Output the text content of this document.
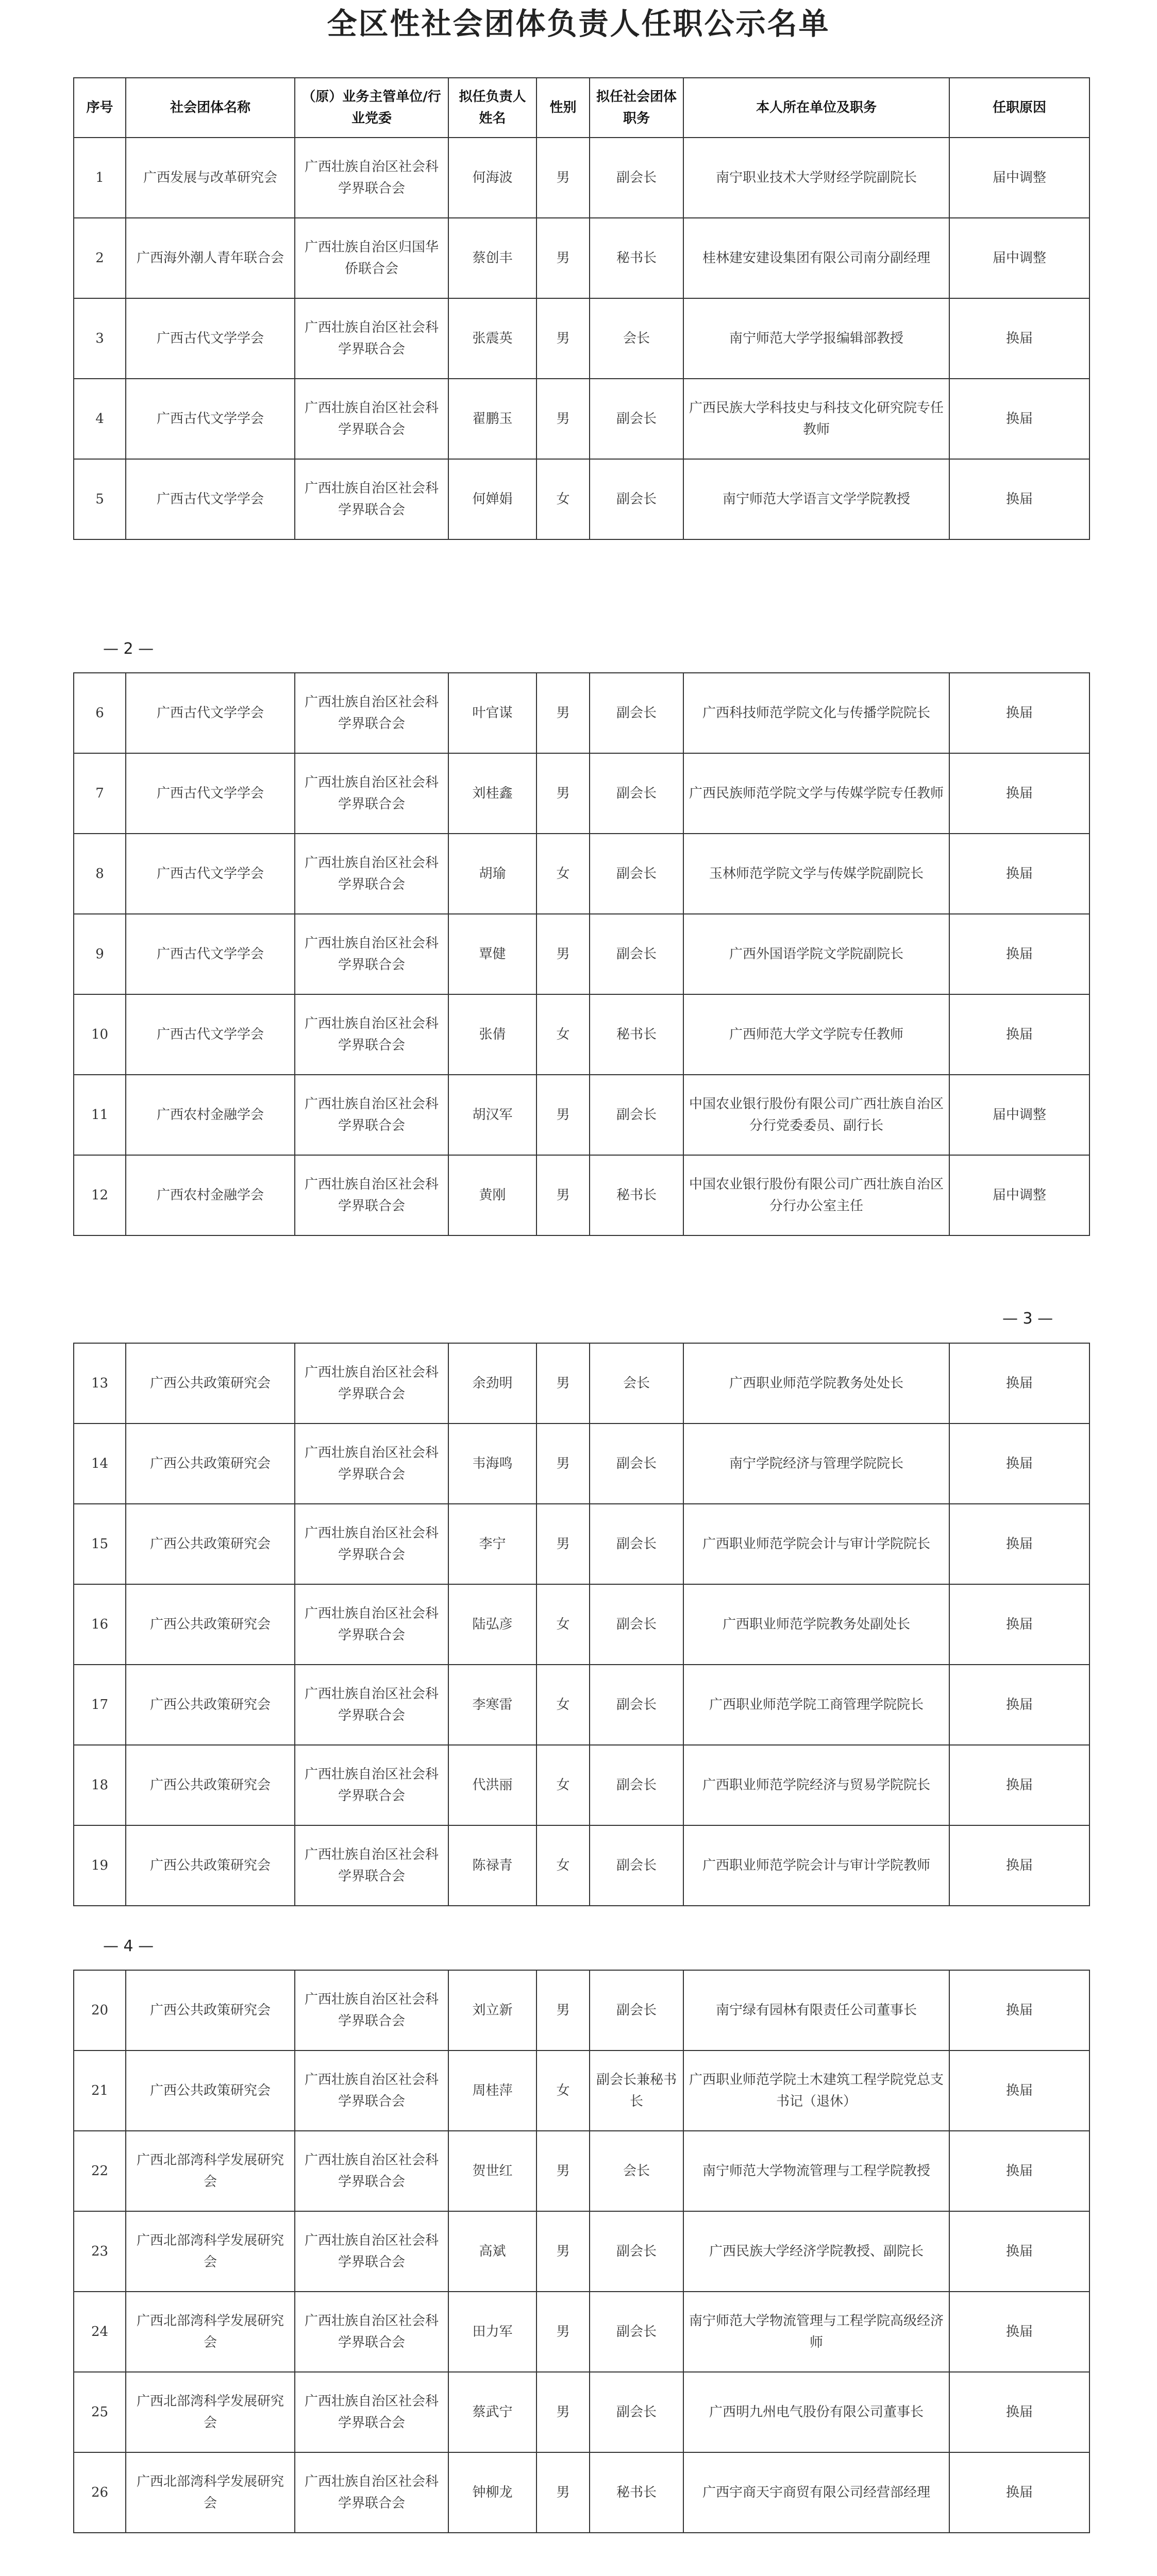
全区性社会团体负责人任职公示名单
序号	社会团体名称	（原）业务主管单位/行业党委	拟任负责人姓名	性别	拟任社会团体职务	本人所在单位及职务	任职原因
1	广西发展与改革研究会	广西壮族自治区社会科学界联合会	何海波	男	副会长	南宁职业技术大学财经学院副院长	届中调整
2	广西海外潮人青年联合会	广西壮族自治区归国华侨联合会	蔡创丰	男	秘书长	桂林建安建设集团有限公司南分副经理	届中调整
3	广西古代文学学会	广西壮族自治区社会科学界联合会	张震英	男	会长	南宁师范大学学报编辑部教授	换届
4	广西古代文学学会	广西壮族自治区社会科学界联合会	翟鹏玉	男	副会长	广西民族大学科技史与科技文化研究院专任教师	换届
5	广西古代文学学会	广西壮族自治区社会科学界联合会	何婵娟	女	副会长	南宁师范大学语言文学学院教授	换届
6	广西古代文学学会	广西壮族自治区社会科学界联合会	叶官谋	男	副会长	广西科技师范学院文化与传播学院院长	换届
7	广西古代文学学会	广西壮族自治区社会科学界联合会	刘桂鑫	男	副会长	广西民族师范学院文学与传媒学院专任教师	换届
8	广西古代文学学会	广西壮族自治区社会科学界联合会	胡瑜	女	副会长	玉林师范学院文学与传媒学院副院长	换届
9	广西古代文学学会	广西壮族自治区社会科学界联合会	覃健	男	副会长	广西外国语学院文学院副院长	换届
10	广西古代文学学会	广西壮族自治区社会科学界联合会	张倩	女	秘书长	广西师范大学文学院专任教师	换届
11	广西农村金融学会	广西壮族自治区社会科学界联合会	胡汉军	男	副会长	中国农业银行股份有限公司广西壮族自治区分行党委委员、副行长	届中调整
12	广西农村金融学会	广西壮族自治区社会科学界联合会	黄刚	男	秘书长	中国农业银行股份有限公司广西壮族自治区分行办公室主任	届中调整
13	广西公共政策研究会	广西壮族自治区社会科学界联合会	余劲明	男	会长	广西职业师范学院教务处处长	换届
14	广西公共政策研究会	广西壮族自治区社会科学界联合会	韦海鸣	男	副会长	南宁学院经济与管理学院院长	换届
15	广西公共政策研究会	广西壮族自治区社会科学界联合会	李宁	男	副会长	广西职业师范学院会计与审计学院院长	换届
16	广西公共政策研究会	广西壮族自治区社会科学界联合会	陆弘彦	女	副会长	广西职业师范学院教务处副处长	换届
17	广西公共政策研究会	广西壮族自治区社会科学界联合会	李寒雷	女	副会长	广西职业师范学院工商管理学院院长	换届
18	广西公共政策研究会	广西壮族自治区社会科学界联合会	代洪丽	女	副会长	广西职业师范学院经济与贸易学院院长	换届
19	广西公共政策研究会	广西壮族自治区社会科学界联合会	陈禄青	女	副会长	广西职业师范学院会计与审计学院教师	换届
20	广西公共政策研究会	广西壮族自治区社会科学界联合会	刘立新	男	副会长	南宁绿有园林有限责任公司董事长	换届
21	广西公共政策研究会	广西壮族自治区社会科学界联合会	周桂萍	女	副会长兼秘书长	广西职业师范学院土木建筑工程学院党总支书记（退休）	换届
22	广西北部湾科学发展研究会	广西壮族自治区社会科学界联合会	贺世红	男	会长	南宁师范大学物流管理与工程学院教授	换届
23	广西北部湾科学发展研究会	广西壮族自治区社会科学界联合会	高斌	男	副会长	广西民族大学经济学院教授、副院长	换届
24	广西北部湾科学发展研究会	广西壮族自治区社会科学界联合会	田力军	男	副会长	南宁师范大学物流管理与工程学院高级经济师	换届
25	广西北部湾科学发展研究会	广西壮族自治区社会科学界联合会	蔡武宁	男	副会长	广西明九州电气股份有限公司董事长	换届
26	广西北部湾科学发展研究会	广西壮族自治区社会科学界联合会	钟柳龙	男	秘书长	广西宇商天宇商贸有限公司经营部经理	换届

— 2 —
— 3 —
— 4 —
